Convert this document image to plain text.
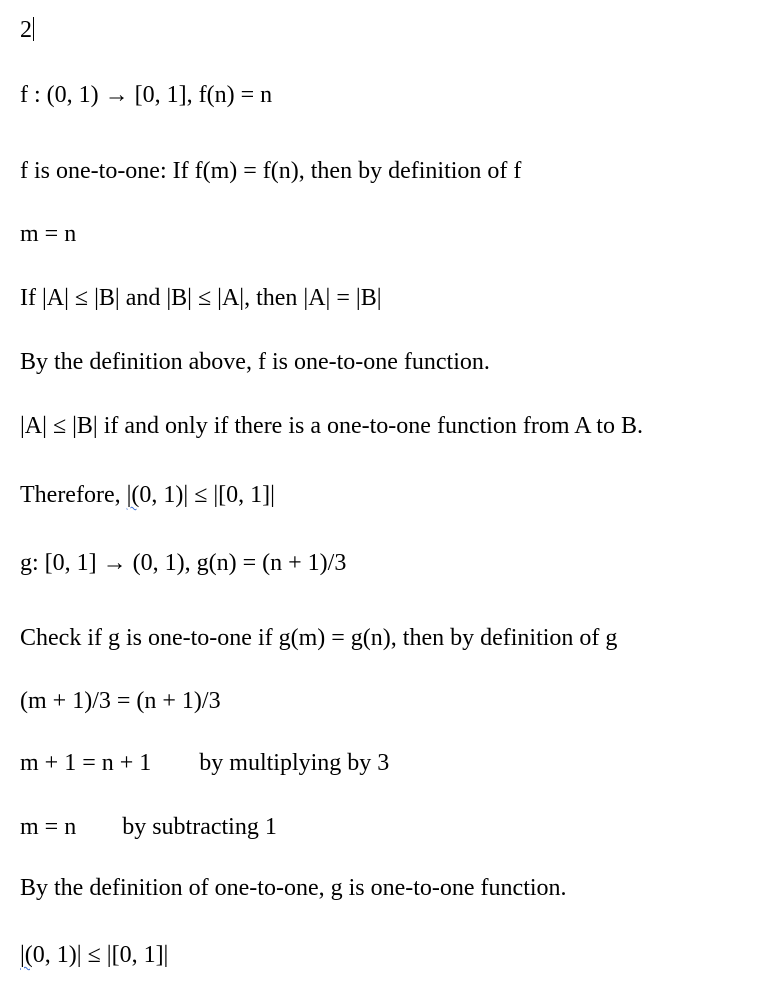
2
f : (0, 1) → [0, 1], f(n) = n
f is one-to-one: If f(m) = f(n), then by definition of f
m = n
If |A| ≤ |B| and |B| ≤ |A|, then |A| = |B|
By the definition above, f is one-to-one function.
|A| ≤ |B| if and only if there is a one-to-one function from A to B.
Therefore, |(0, 1)| ≤ |[0, 1]|
g: [0, 1] → (0, 1), g(n) = (n + 1)/3
Check if g is one-to-one if g(m) = g(n), then by definition of g
(m + 1)/3 = (n + 1)/3
m + 1 = n + 1 by multiplying by 3
m = n by subtracting 1
By the definition of one-to-one, g is one-to-one function.
|(0, 1)| ≤ |[0, 1]|
